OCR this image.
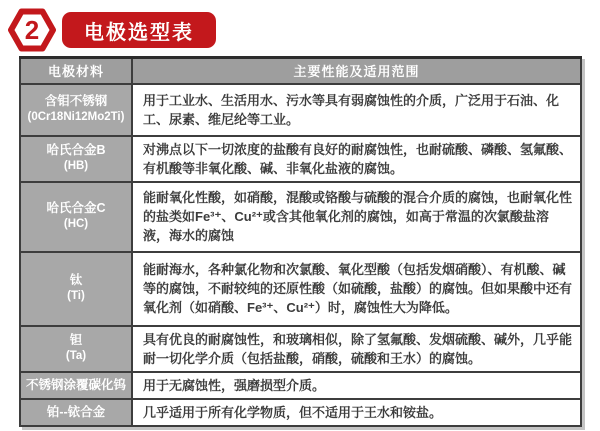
2 电极选型表
电极材料	主要性能及适用范围
含钼不锈钢
(0Cr18Ni12Mo2Ti)	用于工业水、生活用水、污水等具有弱腐蚀性的介质，广泛用于石油、化工、尿素、维尼纶等工业。
哈氏合金B
(HB)	对沸点以下一切浓度的盐酸有良好的耐腐蚀性，也耐硫酸、磷酸、氢氟酸、有机酸等非氧化酸、碱、非氧化盐液的腐蚀。
哈氏合金C
(HC)	能耐氧化性酸，如硝酸，混酸或铬酸与硫酸的混合介质的腐蚀，也耐氧化性的盐类如Fe³⁺、Cu²⁺或含其他氧化剂的腐蚀，如高于常温的次氯酸盐溶液，海水的腐蚀
钛
(Ti)	能耐海水，各种氯化物和次氯酸、氧化型酸（包括发烟硝酸）、有机酸、碱等的腐蚀，不耐较纯的还原性酸（如硫酸，盐酸）的腐蚀。但如果酸中还有氧化剂（如硝酸、Fe³⁺、Cu²⁺）时，腐蚀性大为降低。
钽
(Ta)	具有优良的耐腐蚀性，和玻璃相似，除了氢氟酸、发烟硫酸、碱外，几乎能耐一切化学介质（包括盐酸，硝酸，硫酸和王水）的腐蚀。
不锈钢涂覆碳化钨	用于无腐蚀性，强磨损型介质。
铂--铱合金	几乎适用于所有化学物质，但不适用于王水和铵盐。
